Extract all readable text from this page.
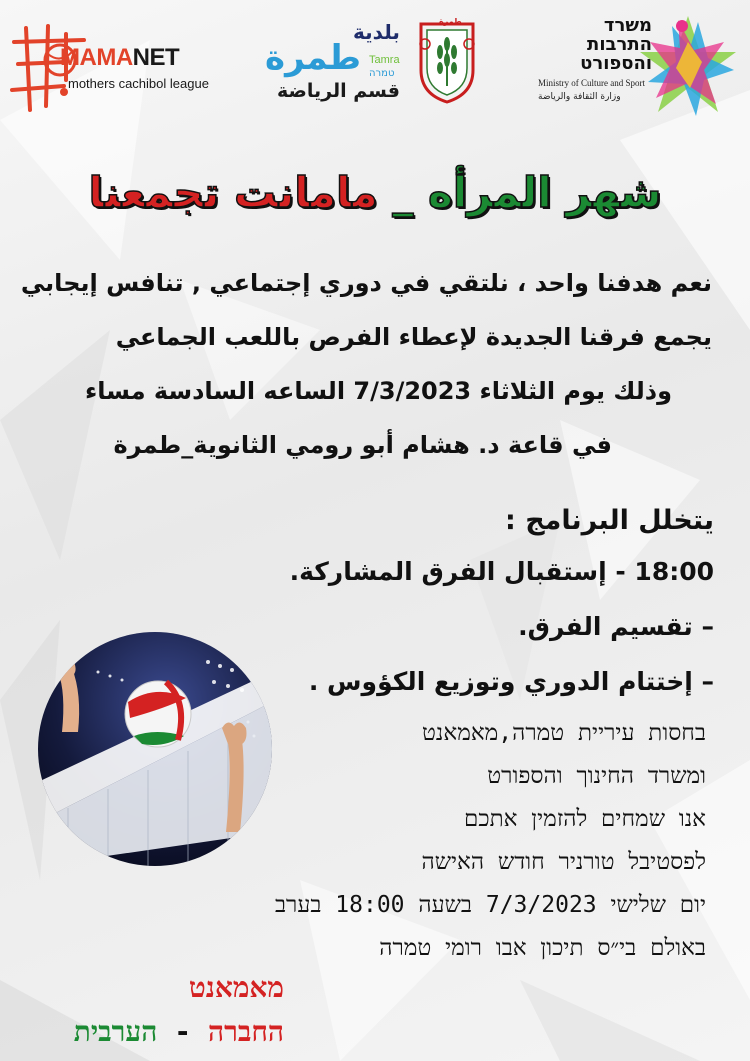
MAMANET
mothers cachibol league
بلدية
طمرة Tamra
טמרה
قسم الرياضة
طمرة	משרד
התרבות
והספורט
Ministry of Culture and Sport
وزارة الثقافة والرياضة
شهر المرأه _ مامانت تجمعنا

نعم هدفنا واحد ، نلتقي في دوري إجتماعي , تنافس إيجابي

يجمع فرقنا الجديدة لإعطاء الفرص باللعب الجماعي

وذلك يوم الثلاثاء 7/3/2023 الساعه السادسة مساء

في قاعة د. هشام أبو رومي الثانوية_طمرة

يتخلل البرنامج :

18:00 - إستقبال الفرق المشاركة.

– تقسيم الفرق.

– إختتام الدوري وتوزيع الكؤوس .

בחסות עיריית טמרה,מאמאנט

ומשרד החינוך והספורט

אנו שמחים להזמין אתכם

לפסטיבל טורניר חודש האישה

יום שלישי 7/3/2023 בשעה 18:00 בערב

באולם בי״ס תיכון אבו רומי טמרה

מאמאנט
החברה - הערבית
